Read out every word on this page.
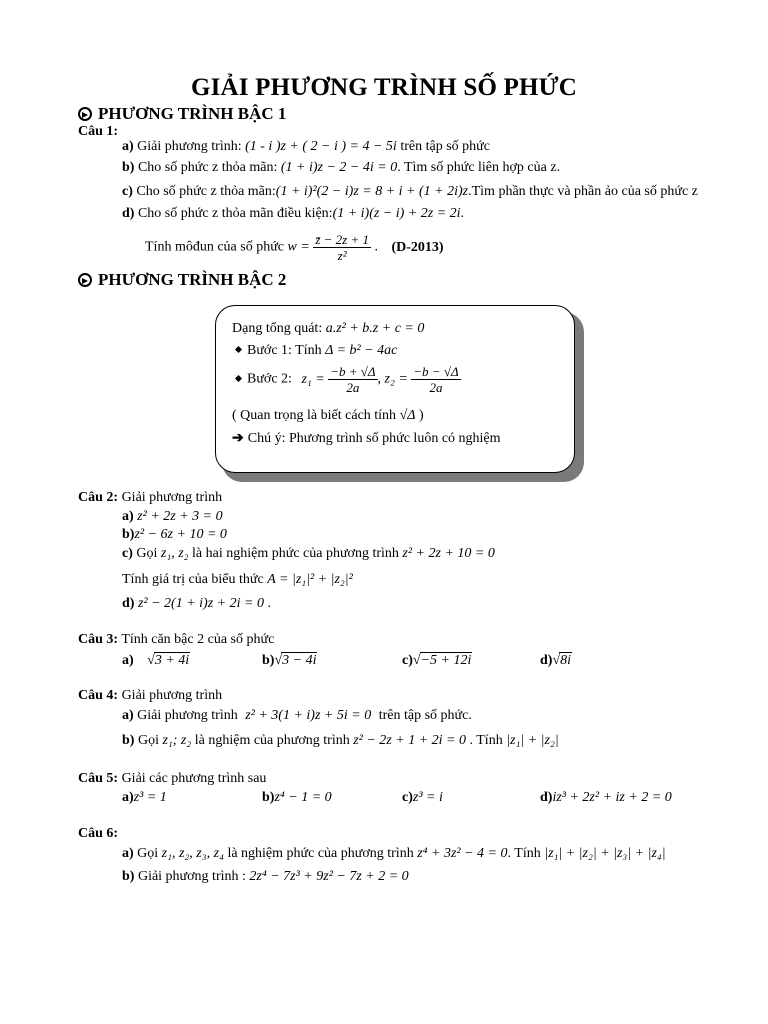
GIẢI PHƯƠNG TRÌNH SỐ PHỨC
PHƯƠNG TRÌNH BẬC 1
Câu 1:
a) Giải phương trình: (1 - i )z + ( 2 − i ) = 4 − 5i trên tập số phức
b) Cho số phức z thỏa mãn: (1 + i)z − 2 − 4i = 0. Tìm số phức liên hợp của z.
c) Cho số phức z thỏa mãn:(1 + i)²(2 − i)z = 8 + i + (1 + 2i)z.Tìm phần thực và phần ảo của số phức z
d) Cho số phức z thỏa mãn điều kiện:(1 + i)(z − i) + 2z = 2i.
Tính môđun của số phức $w = \frac{z̄ - 2z + 1}{\text{z²}}$ . (D-2013)
PHƯƠNG TRÌNH BẬC 2
Dạng tổng quát: a.z² + b.z + c = 0
Bước 1: Tính Δ = b² − 4ac
Bước 2: $z_1 = \frac{-b + √\Delta}{2a}$ , $z_2 = \frac{-b - √\Delta}{2a}$
( Quan trọng là biết cách tính √Δ )
➔ Chú ý: Phương trình số phức luôn có nghiệm
Câu 2: Giải phương trình
a) z² + 2z + 3 = 0
b)z² − 6z + 10 = 0
c) Gọi z₁, z₂ là hai nghiệm phức của phương trình z² + 2z + 10 = 0
Tính giá trị của biểu thức A = |z₁|² + |z₂|²
d) z² − 2(1 + i)z + 2i = 0 .
Câu 3: Tính căn bậc 2 của số phức
a) √3 + 4i	b)√3 − 4i	c)√−5 + 12i	d)√8i
Câu 4: Giải phương trình
a) Giải phương trình z² + 3(1 + i)z + 5i = 0 trên tập số phức.
b) Gọi z₁; z₂ là nghiệm của phương trình z² − 2z + 1 + 2i = 0 . Tính |z₁| + |z₂|
Câu 5: Giải các phương trình sau
a)z³ = 1	b)z⁴ − 1 = 0	c)z³ = i	d)iz³ + 2z² + iz + 2 = 0
Câu 6:
a) Gọi z₁, z₂, z₃, z₄ là nghiệm phức của phương trình z⁴ + 3z² − 4 = 0. Tính |z₁| + |z₂| + |z₃| + |z₄|
b) Giải phương trình : 2z⁴ − 7z³ + 9z² − 7z + 2 = 0
